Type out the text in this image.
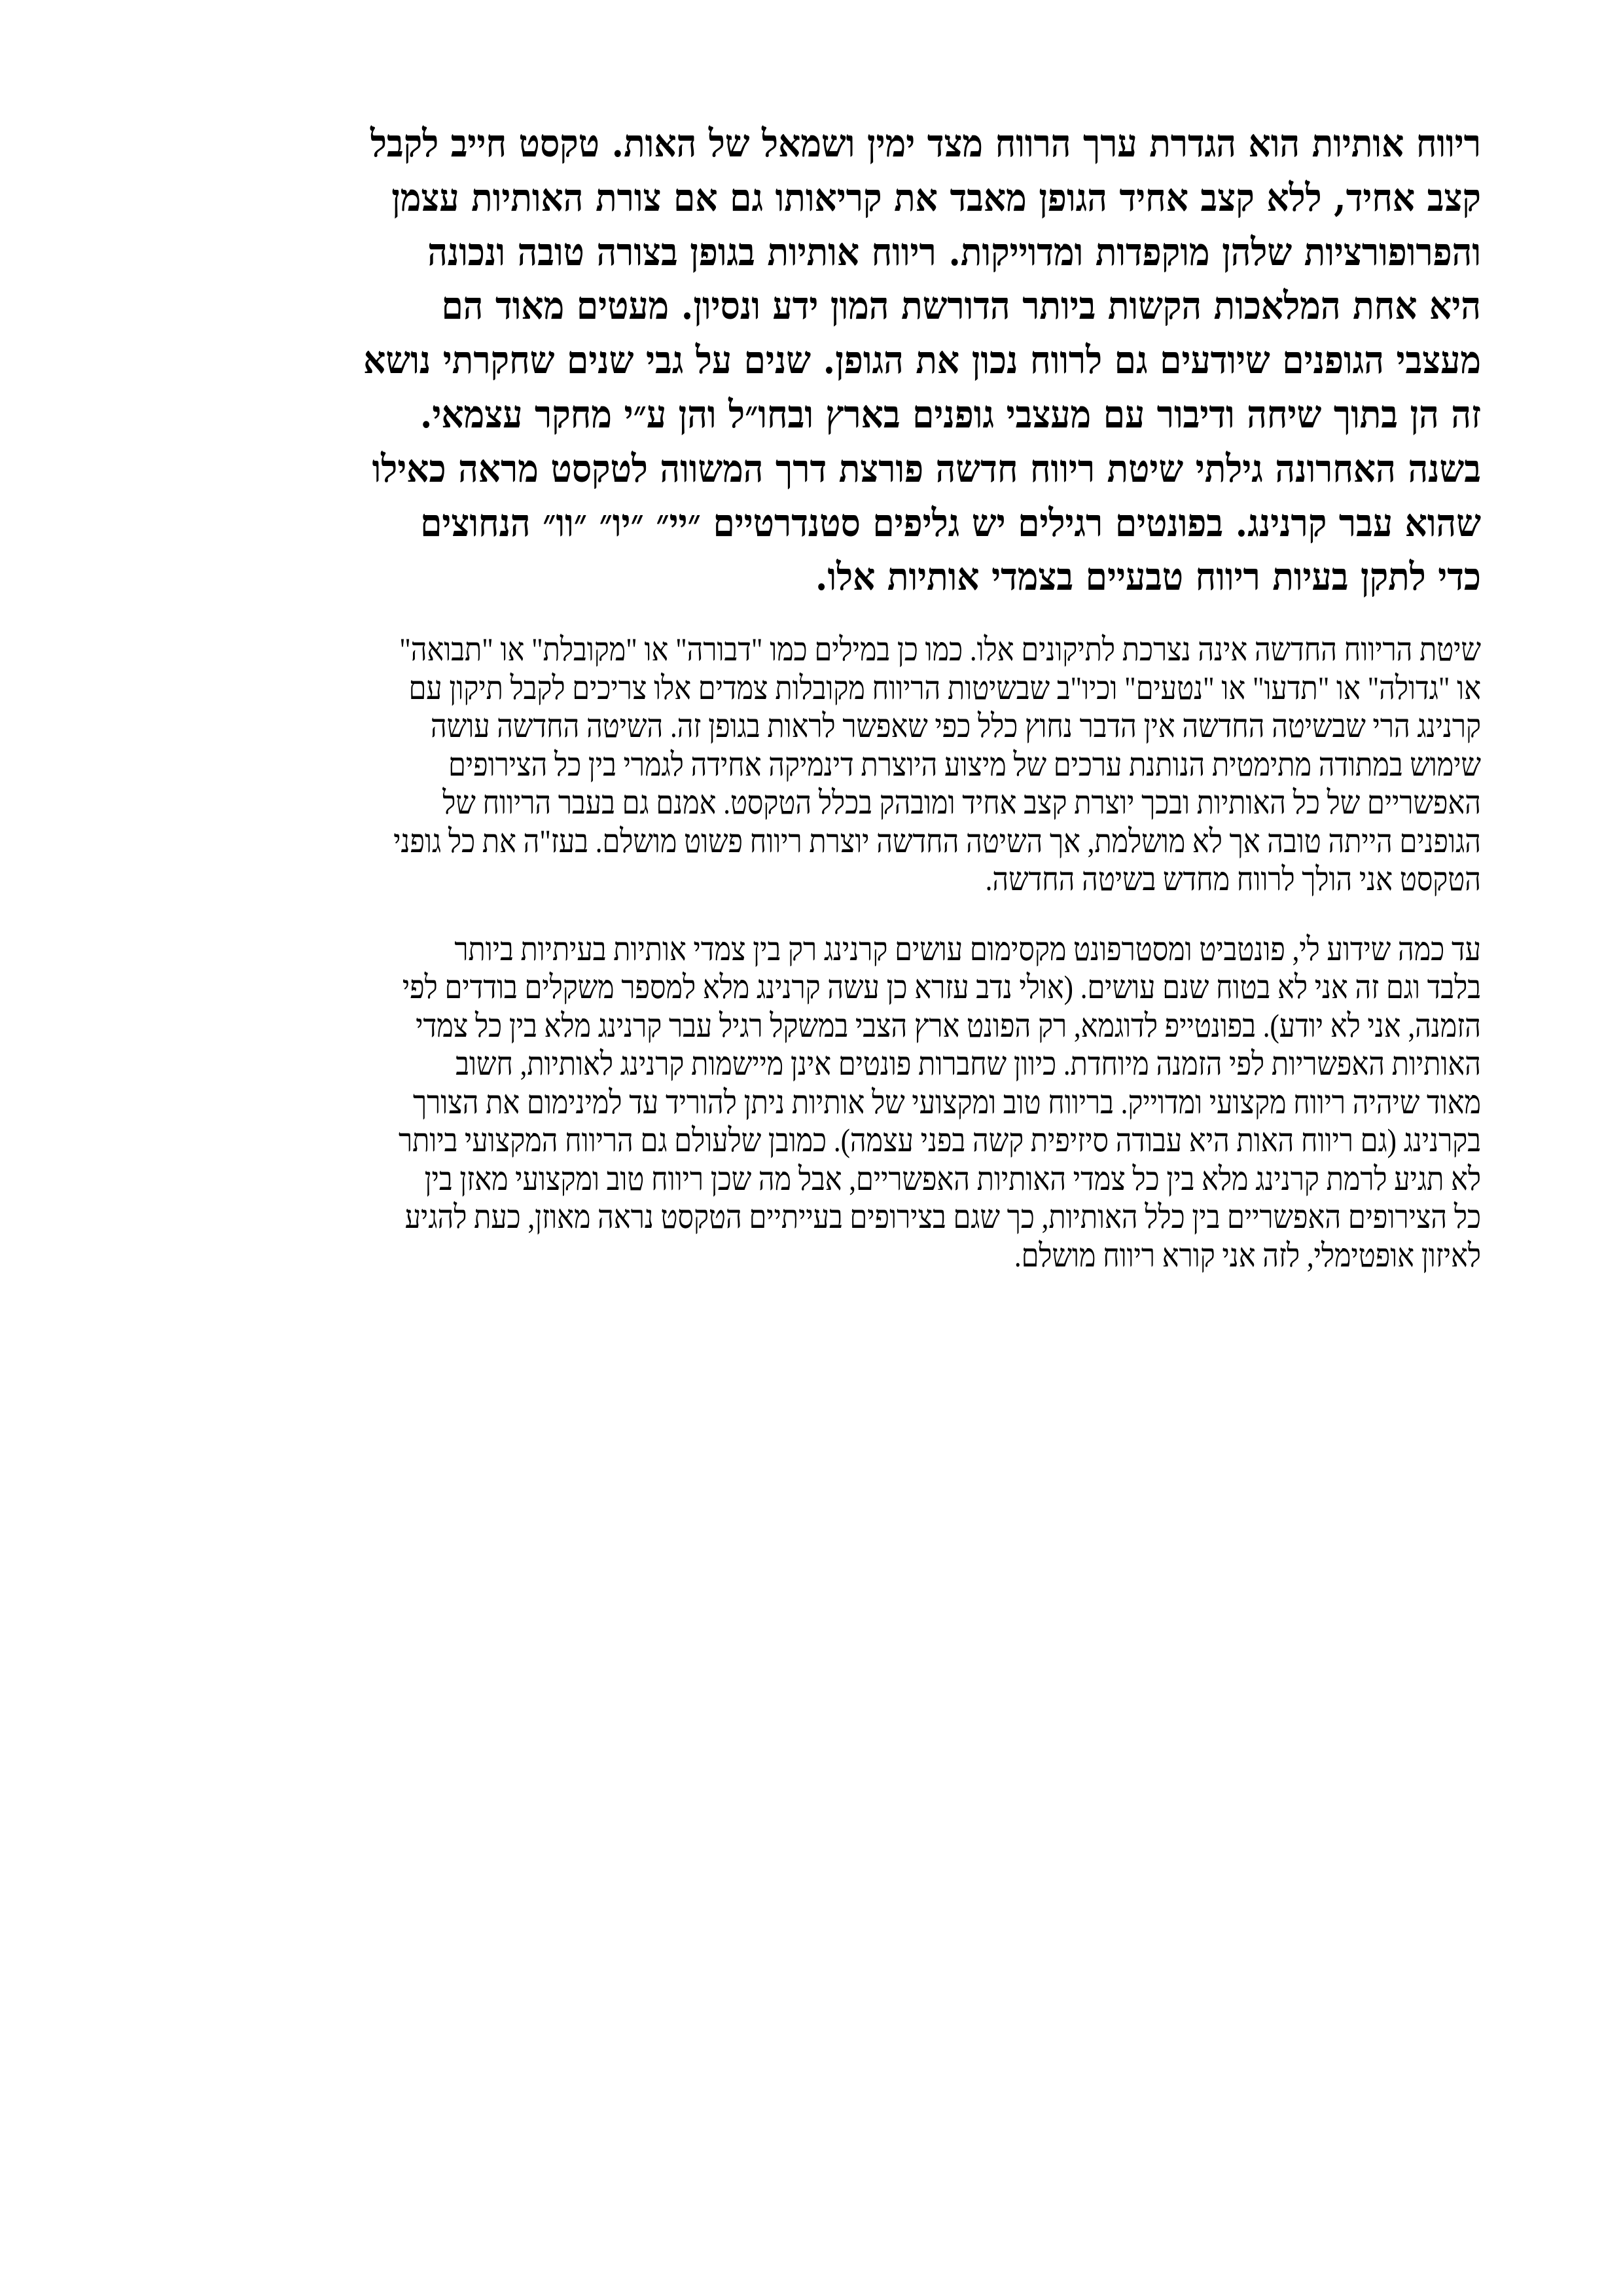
ריווח אותיות הוא הגדרת ערך הרווח מצד ימין ושמאל של האות. טקסט חייב לקבל
קצב אחיד, ללא קצב אחיד הגופן מאבד את קריאותו גם אם צורת האותיות עצמן
והפרופורציות שלהן מוקפדות ומדוייקות. ריווח אותיות בגופן בצורה טובה ונכונה
היא אחת המלאכות הקשות ביותר הדורשת המון ידע ונסיון. מעטים מאוד הם
מעצבי הגופנים שיודעים גם לרווח נכון את הגופן. שנים על גבי שנים שחקרתי נושא
זה הן בתוך שיחה ודיבור עם מעצבי גופנים בארץ ובחו״ל והן ע״י מחקר עצמאי.
בשנה האחרונה גילתי שיטת ריווח חדשה פורצת דרך המשווה לטקסט מראה כאילו
שהוא עבר קרנינג. בפונטים רגילים יש גליפים סטנדרטיים ״יי״ ״יו״ ״וו״ הנחוצים
כדי לתקן בעיות ריווח טבעיים בצמדי אותיות אלו.

שיטת הריווח החדשה אינה נצרכת לתיקונים אלו. כמו כן במילים כמו "דבורה" או "מקובלת" או "תבואה"
או "גדולה" או "תדעו" או "נטעים" וכיו"ב שבשיטות הריווח מקובלות צמדים אלו צריכים לקבל תיקון עם
קרנינג הרי שבשיטה החדשה אין הדבר נחוץ כלל כפי שאפשר לראות בגופן זה. השיטה החדשה עושה
שימוש במתודה מתימטית הנותנת ערכים של מיצוע היוצרת דינמיקה אחידה לגמרי בין כל הצירופים
האפשריים של כל האותיות ובכך יוצרת קצב אחיד ומובהק בכלל הטקסט. אמנם גם בעבר הריווח של
הגופנים הייתה טובה אך לא מושלמת, אך השיטה החדשה יוצרת ריווח פשוט מושלם. בעז"ה את כל גופני
הטקסט אני הולך לרווח מחדש בשיטה החדשה.

עד כמה שידוע לי, פונטביט ומסטרפונט מקסימום עושים קרנינג רק בין צמדי אותיות בעיתיות ביותר
בלבד וגם זה אני לא בטוח שנם עושים. (אולי נדב עזרא כן עשה קרנינג מלא למספר משקלים בודדים לפי
הזמנה, אני לא יודע). בפונטייפ לדוגמא, רק הפונט ארץ הצבי במשקל רגיל עבר קרנינג מלא בין כל צמדי
האותיות האפשריות לפי הזמנה מיוחדת. כיוון שחברות פונטים אינן מיישמות קרנינג לאותיות, חשוב
מאוד שיהיה ריווח מקצועי ומדוייק. בריווח טוב ומקצועי של אותיות ניתן להוריד עד למינימום את הצורך
בקרנינג (גם ריווח האות היא עבודה סיזיפית קשה בפני עצמה). כמובן שלעולם גם הריווח המקצועי ביותר
לא תגיע לרמת קרנינג מלא בין כל צמדי האותיות האפשריים, אבל מה שכן ריווח טוב ומקצועי מאזן בין
כל הצירופים האפשריים בין כלל האותיות, כך שגם בצירופים בעייתיים הטקסט נראה מאוזן, כעת להגיע
לאיזון אופטימלי, לזה אני קורא ריווח מושלם.
